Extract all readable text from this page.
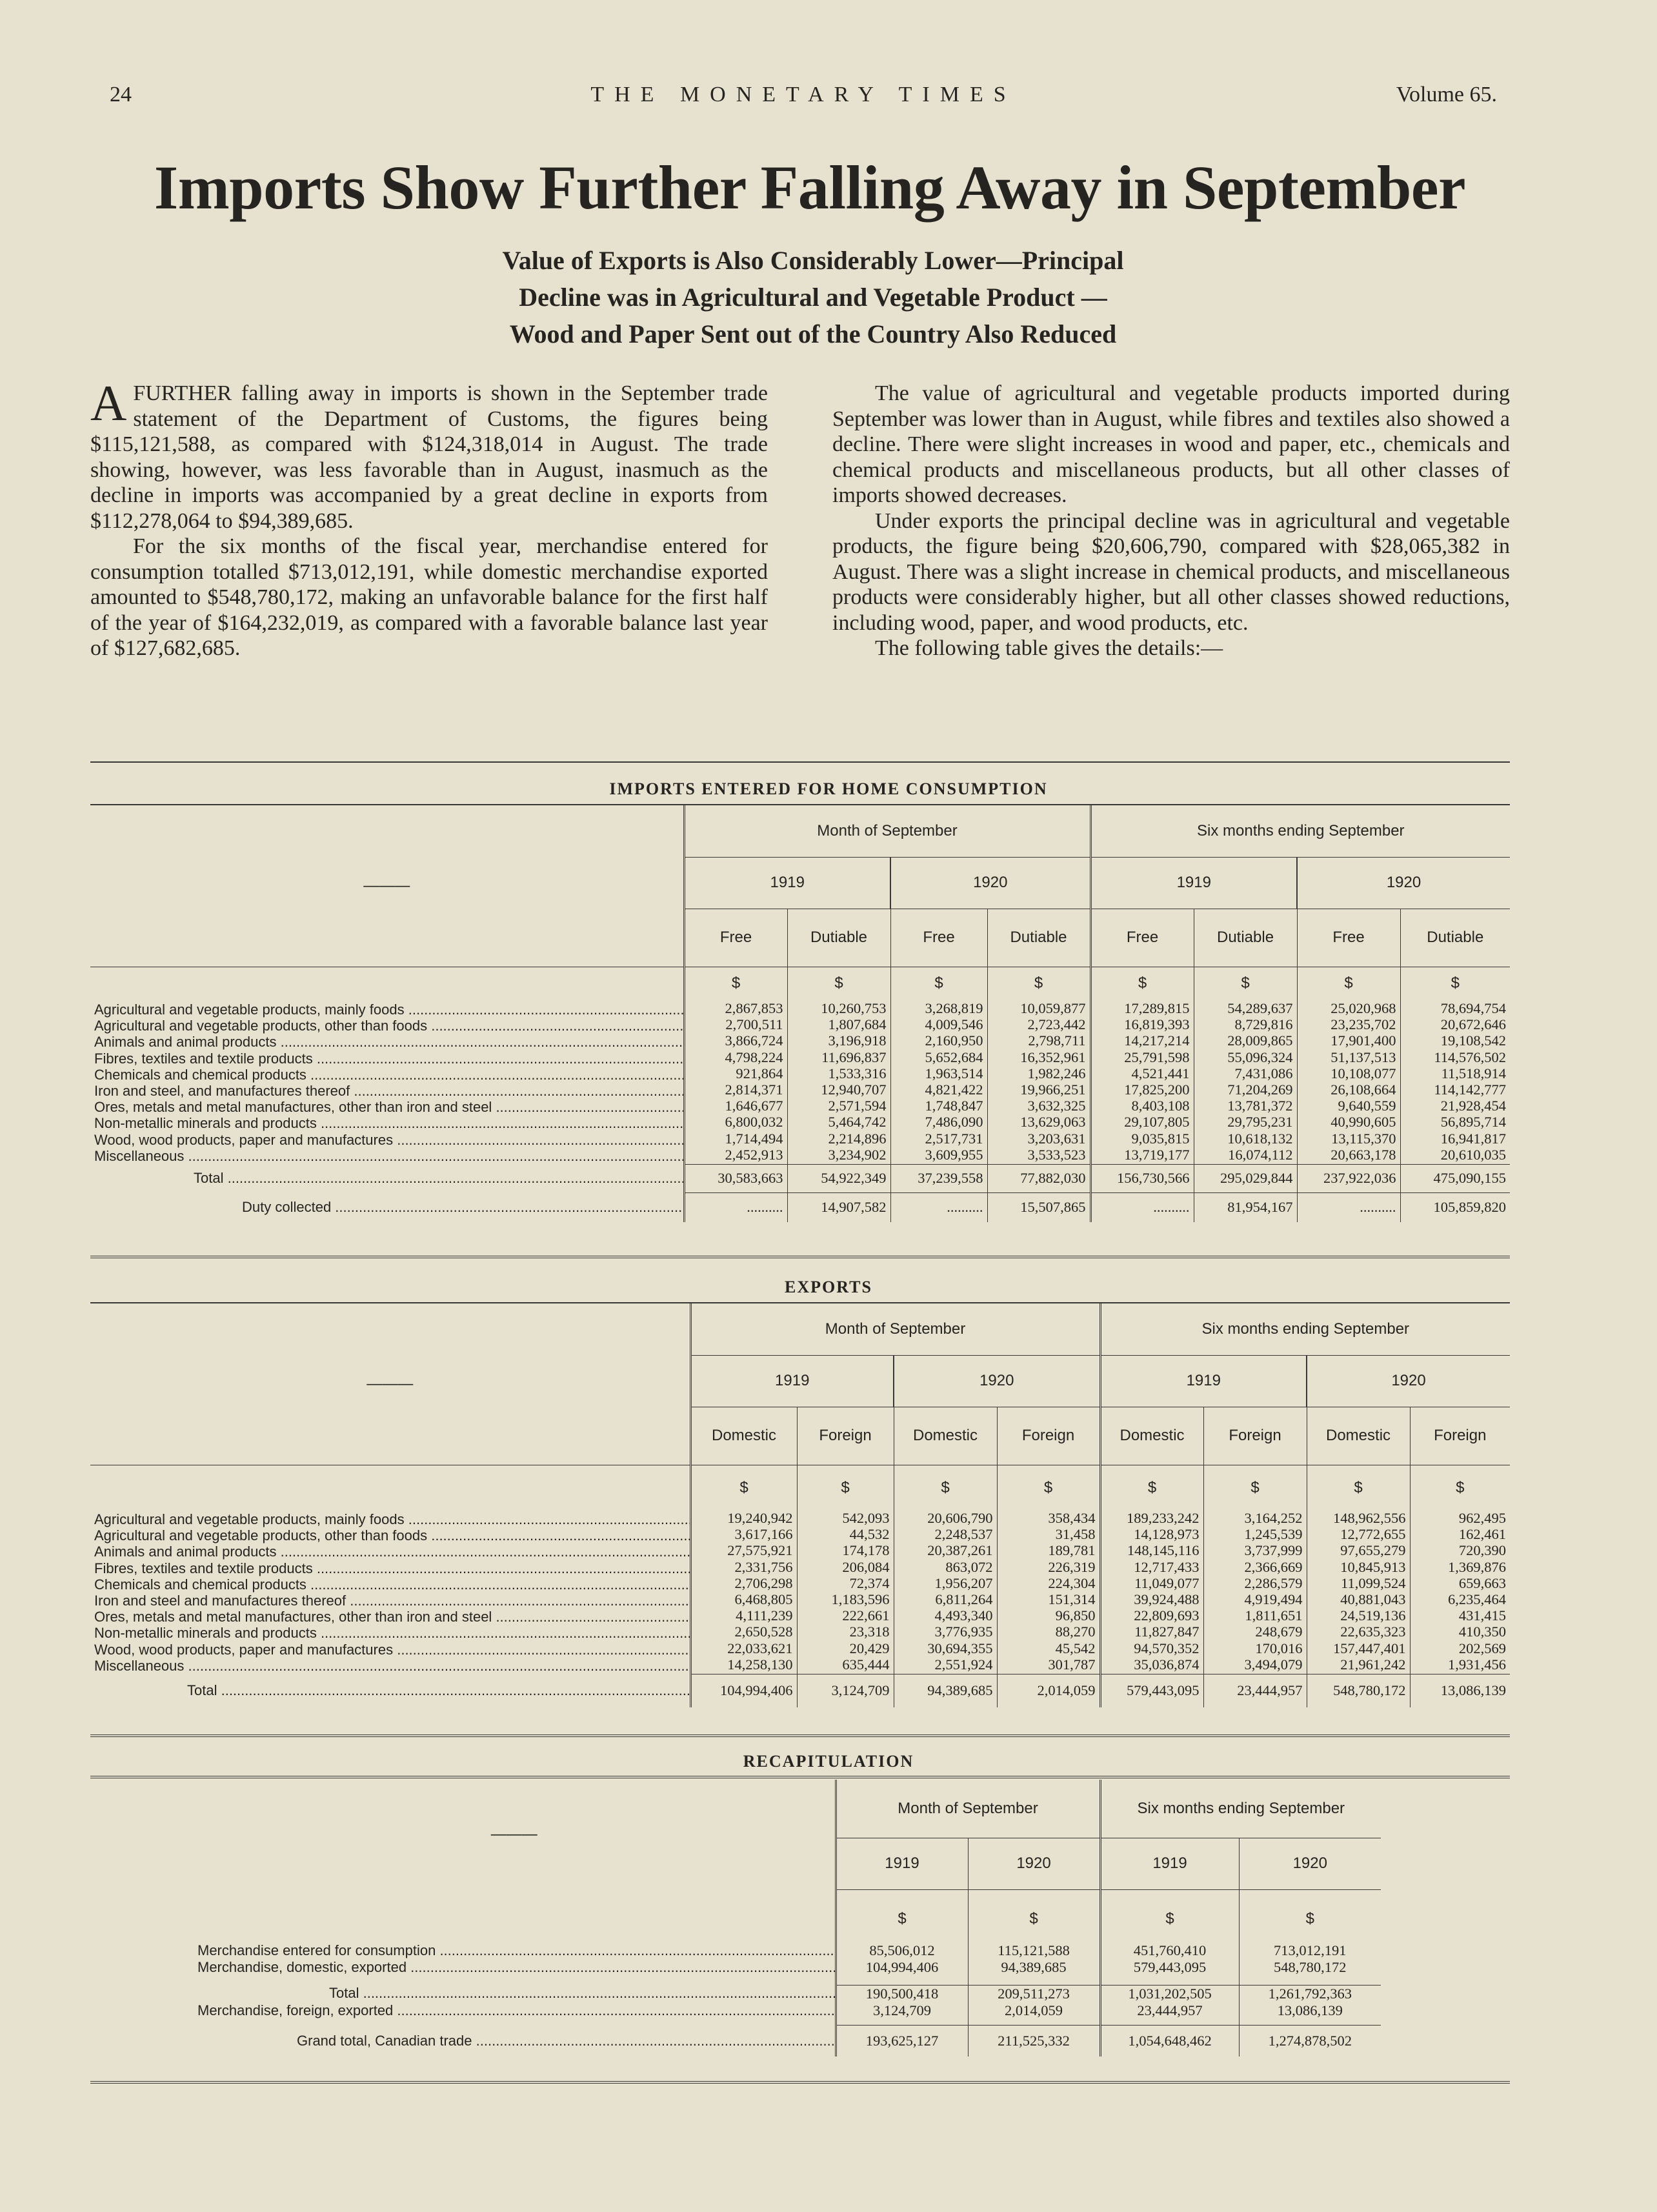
24	THE MONETARY TIMES	Volume 65.
Imports Show Further Falling Away in September
Value of Exports is Also Considerably Lower—Principal
Decline was in Agricultural and Vegetable Product —
Wood and Paper Sent out of the Country Also Reduced

AFURTHER falling away in imports is shown in the September trade statement of the Department of Customs, the figures being $115,121,588, as compared with $124,318,014 in August. The trade showing, however, was less favorable than in August, inasmuch as the decline in imports was accompanied by a great decline in exports from $112,278,064 to $94,389,685.

For the six months of the fiscal year, merchandise entered for consumption totalled $713,012,191, while domestic merchandise exported amounted to $548,780,172, making an unfavorable balance for the first half of the year of $164,232,019, as compared with a favorable balance last year of $127,682,685.

The value of agricultural and vegetable products imported during September was lower than in August, while fibres and textiles also showed a decline. There were slight increases in wood and paper, etc., chemicals and chemical products and miscellaneous products, but all other classes of imports showed decreases.

Under exports the principal decline was in agricultural and vegetable products, the figure being $20,606,790, compared with $28,065,382 in August. There was a slight increase in chemical products, and miscellaneous products were considerably higher, but all other classes showed reductions, including wood, paper, and wood products, etc.

The following table gives the details:—

IMPORTS ENTERED FOR HOME CONSUMPTION
———	Month of September				Six months ending September			
	1919		1920		1919		1920	
	Free	Dutiable	Free	Dutiable	Free	Dutiable	Free	Dutiable
	$	$	$	$	$	$	$	$

Agricultural and vegetable products, mainly foods .....	2,867,853	10,260,753	3,268,819	10,059,877	17,289,815	54,289,637	25,020,968	78,694,754
Agricultural and vegetable products, other than foods .....	2,700,511	1,807,684	4,009,546	2,723,442	16,819,393	8,729,816	23,235,702	20,672,646
Animals and animal products .....	3,866,724	3,196,918	2,160,950	2,798,711	14,217,214	28,009,865	17,901,400	19,108,542
Fibres, textiles and textile products .....	4,798,224	11,696,837	5,652,684	16,352,961	25,791,598	55,096,324	51,137,513	114,576,502
Chemicals and chemical products .....	921,864	1,533,316	1,963,514	1,982,246	4,521,441	7,431,086	10,108,077	11,518,914
Iron and steel, and manufactures thereof .....	2,814,371	12,940,707	4,821,422	19,966,251	17,825,200	71,204,269	26,108,664	114,142,777
Ores, metals and metal manufactures, other than iron and steel .....	1,646,677	2,571,594	1,748,847	3,632,325	8,403,108	13,781,372	9,640,559	21,928,454
Non-metallic minerals and products .....	6,800,032	5,464,742	7,486,090	13,629,063	29,107,805	29,795,231	40,990,605	56,895,714
Wood, wood products, paper and manufactures .....	1,714,494	2,214,896	2,517,731	3,203,631	9,035,815	10,618,132	13,115,370	16,941,817
Miscellaneous .....	2,452,913	3,234,902	3,609,955	3,533,523	13,719,177	16,074,112	20,663,178	20,610,035
Total .....	30,583,663	54,922,349	37,239,558	77,882,030	156,730,566	295,029,844	237,922,036	475,090,155
Duty collected .....	..........	14,907,582	..........	15,507,865	..........	81,954,167	..........	105,859,820
EXPORTS
———	Month of September				Six months ending September			
	1919		1920		1919		1920	
	Domestic	Foreign	Domestic	Foreign	Domestic	Foreign	Domestic	Foreign
	$	$	$	$	$	$	$	$

Agricultural and vegetable products, mainly foods .....	19,240,942	542,093	20,606,790	358,434	189,233,242	3,164,252	148,962,556	962,495
Agricultural and vegetable products, other than foods .....	3,617,166	44,532	2,248,537	31,458	14,128,973	1,245,539	12,772,655	162,461
Animals and animal products .....	27,575,921	174,178	20,387,261	189,781	148,145,116	3,737,999	97,655,279	720,390
Fibres, textiles and textile products .....	2,331,756	206,084	863,072	226,319	12,717,433	2,366,669	10,845,913	1,369,876
Chemicals and chemical products .....	2,706,298	72,374	1,956,207	224,304	11,049,077	2,286,579	11,099,524	659,663
Iron and steel and manufactures thereof .....	6,468,805	1,183,596	6,811,264	151,314	39,924,488	4,919,494	40,881,043	6,235,464
Ores, metals and metal manufactures, other than iron and steel .....	4,111,239	222,661	4,493,340	96,850	22,809,693	1,811,651	24,519,136	431,415
Non-metallic minerals and products .....	2,650,528	23,318	3,776,935	88,270	11,827,847	248,679	22,635,323	410,350
Wood, wood products, paper and manufactures .....	22,033,621	20,429	30,694,355	45,542	94,570,352	170,016	157,447,401	202,569
Miscellaneous .....	14,258,130	635,444	2,551,924	301,787	35,036,874	3,494,079	21,961,242	1,931,456
Total .....	104,994,406	3,124,709	94,389,685	2,014,059	579,443,095	23,444,957	548,780,172	13,086,139
RECAPITULATION
———	Month of September		Six months ending September	
	1919	1920	1919	1920
	$	$	$	$

Merchandise entered for consumption .....	85,506,012	115,121,588	451,760,410	713,012,191
Merchandise, domestic, exported .....	104,994,406	94,389,685	579,443,095	548,780,172

Total .....	190,500,418	209,511,273	1,031,202,505	1,261,792,363
Merchandise, foreign, exported .....	3,124,709	2,014,059	23,444,957	13,086,139

Grand total, Canadian trade .....	193,625,127	211,525,332	1,054,648,462	1,274,878,502
